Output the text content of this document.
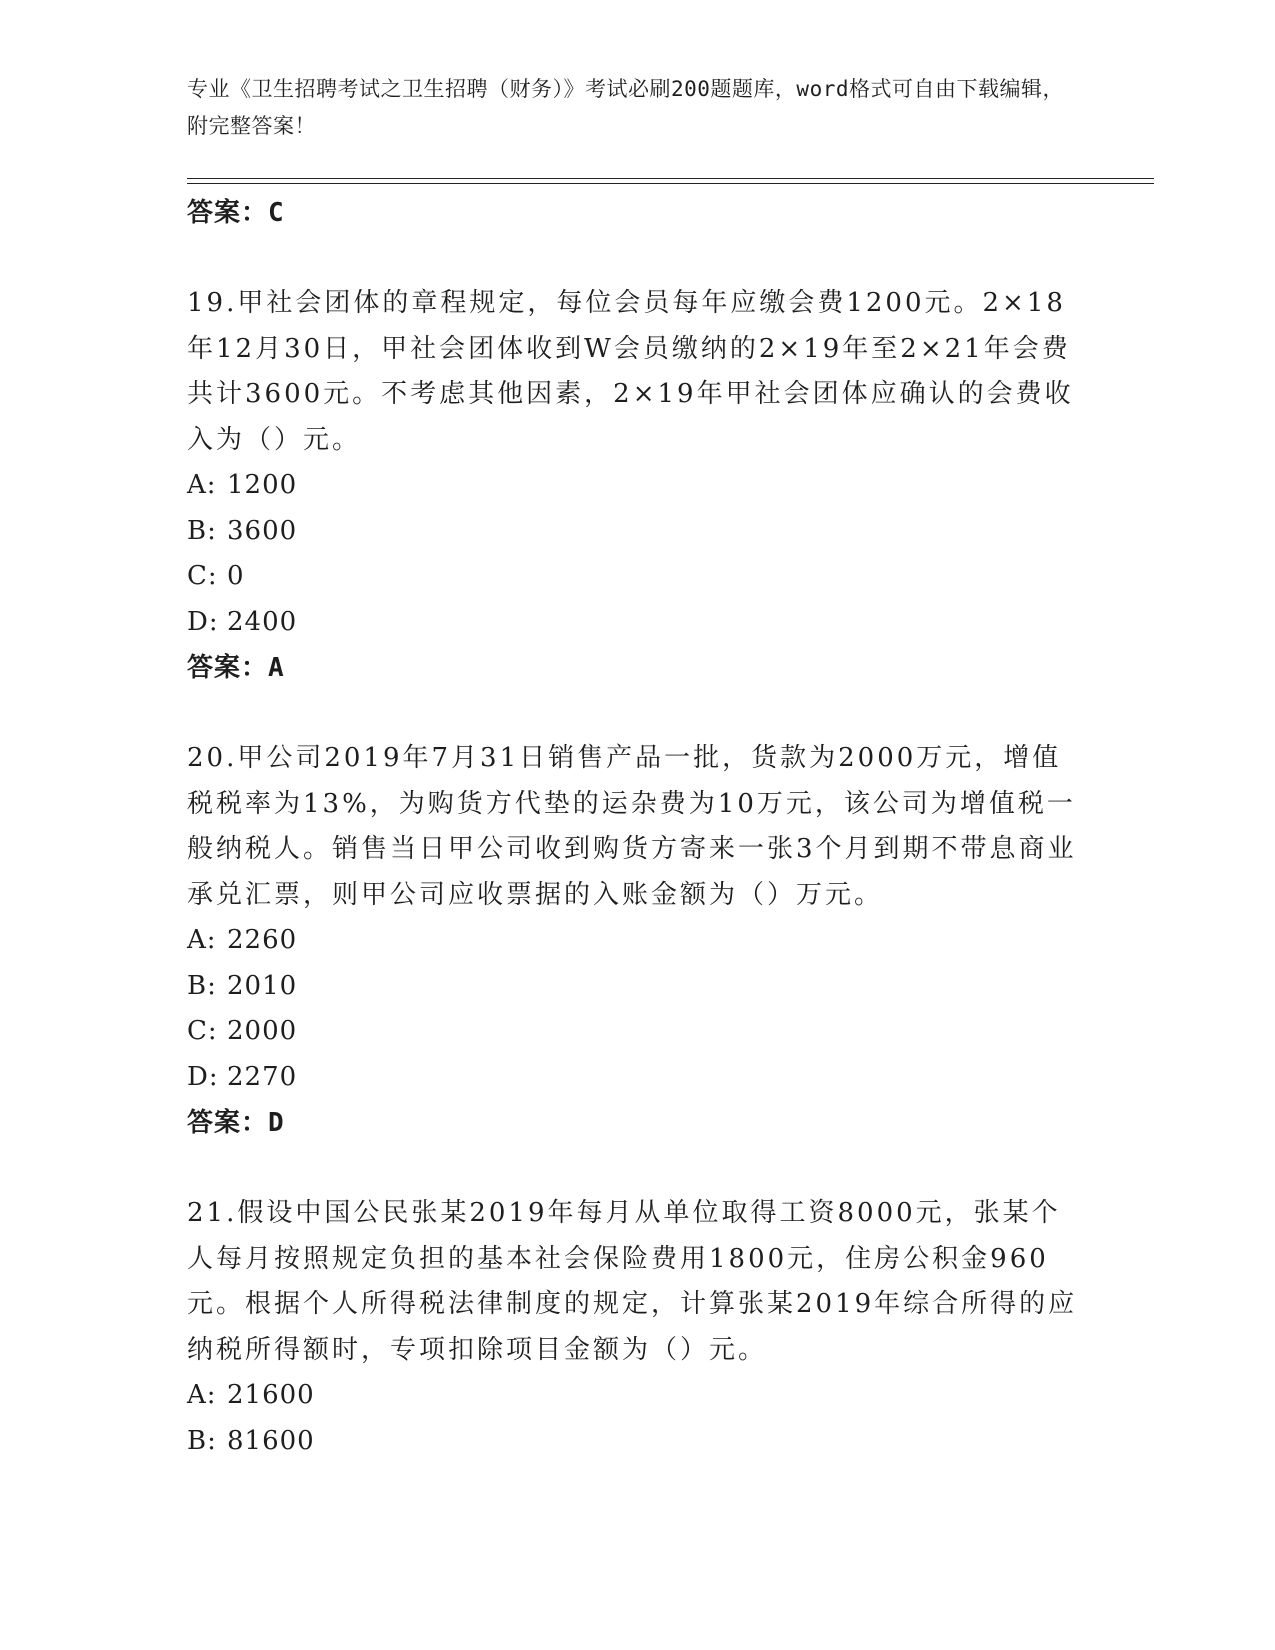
专业《卫生招聘考试之卫生招聘（财务）》考试必刷200题题库，word格式可自由下载编辑，附完整答案！
答案：C
19.甲社会团体的章程规定，每位会员每年应缴会费1200元。2×18年12月30日，甲社会团体收到W会员缴纳的2×19年至2×21年会费共计3600元。不考虑其他因素，2×19年甲社会团体应确认的会费收入为（）元。
A: 1200
B: 3600
C: 0
D: 2400
答案：A
20.甲公司2019年7月31日销售产品一批，货款为2000万元，增值税税率为13%，为购货方代垫的运杂费为10万元，该公司为增值税一般纳税人。销售当日甲公司收到购货方寄来一张3个月到期不带息商业承兑汇票，则甲公司应收票据的入账金额为（）万元。
A: 2260
B: 2010
C: 2000
D: 2270
答案：D
21.假设中国公民张某2019年每月从单位取得工资8000元，张某个人每月按照规定负担的基本社会保险费用1800元，住房公积金960元。根据个人所得税法律制度的规定，计算张某2019年综合所得的应纳税所得额时，专项扣除项目金额为（）元。
A: 21600
B: 81600
